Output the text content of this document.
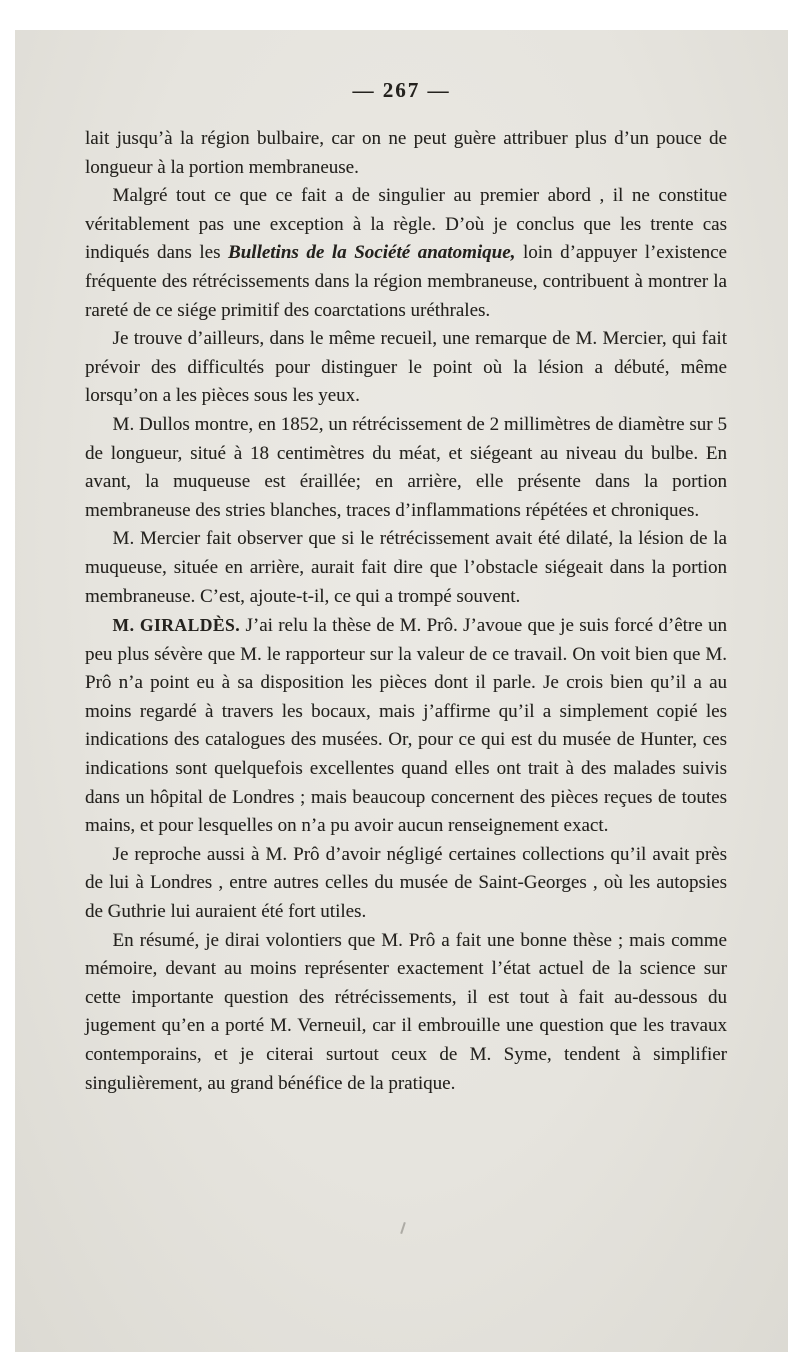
— 267 —

lait jusqu’à la région bulbaire, car on ne peut guère attribuer plus d’un pouce de longueur à la portion membraneuse.

Malgré tout ce que ce fait a de singulier au premier abord , il ne constitue véritablement pas une exception à la règle. D’où je conclus que les trente cas indiqués dans les Bulletins de la Société anatomique, loin d’appuyer l’existence fréquente des rétrécissements dans la région membraneuse, contribuent à montrer la rareté de ce siége primitif des coarctations uréthrales.

Je trouve d’ailleurs, dans le même recueil, une remarque de M. Mercier, qui fait prévoir des difficultés pour distinguer le point où la lésion a débuté, même lorsqu’on a les pièces sous les yeux.

M. Dullos montre, en 1852, un rétrécissement de 2 millimètres de diamètre sur 5 de longueur, situé à 18 centimètres du méat, et siégeant au niveau du bulbe. En avant, la muqueuse est éraillée; en arrière, elle présente dans la portion membraneuse des stries blanches, traces d’inflammations répétées et chroniques.

M. Mercier fait observer que si le rétrécissement avait été dilaté, la lésion de la muqueuse, située en arrière, aurait fait dire que l’obstacle siégeait dans la portion membraneuse. C’est, ajoute-t-il, ce qui a trompé souvent.

M. GIRALDÈS. J’ai relu la thèse de M. Prô. J’avoue que je suis forcé d’être un peu plus sévère que M. le rapporteur sur la valeur de ce travail. On voit bien que M. Prô n’a point eu à sa disposition les pièces dont il parle. Je crois bien qu’il a au moins regardé à travers les bocaux, mais j’affirme qu’il a simplement copié les indications des catalogues des musées. Or, pour ce qui est du musée de Hunter, ces indications sont quelquefois excellentes quand elles ont trait à des malades suivis dans un hôpital de Londres ; mais beaucoup concernent des pièces reçues de toutes mains, et pour lesquelles on n’a pu avoir aucun renseignement exact.

Je reproche aussi à M. Prô d’avoir négligé certaines collections qu’il avait près de lui à Londres , entre autres celles du musée de Saint-Georges , où les autopsies de Guthrie lui auraient été fort utiles.

En résumé, je dirai volontiers que M. Prô a fait une bonne thèse ; mais comme mémoire, devant au moins représenter exactement l’état actuel de la science sur cette importante question des rétrécissements, il est tout à fait au-dessous du jugement qu’en a porté M. Verneuil, car il embrouille une question que les travaux contemporains, et je citerai surtout ceux de M. Syme, tendent à simplifier singulièrement, au grand bénéfice de la pratique.
